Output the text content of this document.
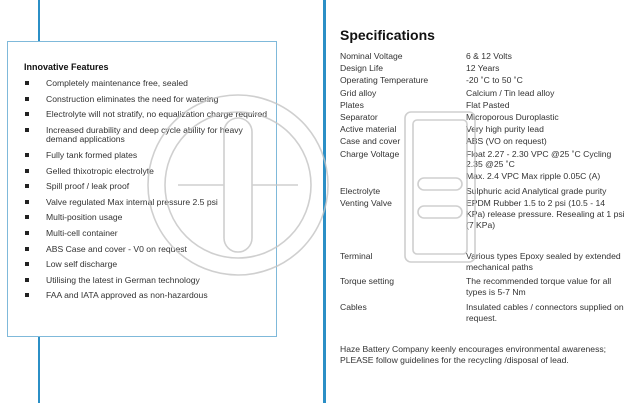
Innovative Features
Completely maintenance free, sealed
Construction eliminates the need for watering
Electrolyte will not stratify, no equalization charge required
Increased durability and deep cycle ability for heavy demand applications
Fully tank formed plates
Gelled thixotropic electrolyte
Spill proof / leak proof
Valve regulated Max internal pressure 2.5 psi
Multi-position usage
Multi-cell container
ABS Case and cover - V0 on request
Low self discharge
Utilising the latest in German technology
FAA and IATA approved as non-hazardous
Specifications
Nominal Voltage	6 & 12 Volts
Design Life	12 Years
Operating Temperature	-20 ˚C to 50 ˚C
Grid alloy	Calcium / Tin lead alloy
Plates	Flat Pasted
Separator	Microporous Duroplastic
Active material	Very high purity lead
Case and cover	ABS (VO on request)
Charge Voltage	Float 2.27 - 2.30 VPC @25 ˚C Cycling 2.35 @25 ˚C
	Max. 2.4 VPC Max ripple 0.05C (A)
Electrolyte	Sulphuric acid Analytical grade purity
Venting Valve	EPDM Rubber 1.5 to 2 psi (10.5 - 14 KPa) release pressure. Resealing at 1 psi (7 KPa)
Terminal	Various types Epoxy sealed by extended mechanical paths
Torque setting	The recommended torque value for all types is 5-7 Nm
Cables	Insulated cables / connectors supplied on request.
Haze Battery Company keenly encourages environmental awareness; PLEASE follow guidelines for the recycling /disposal of lead.
